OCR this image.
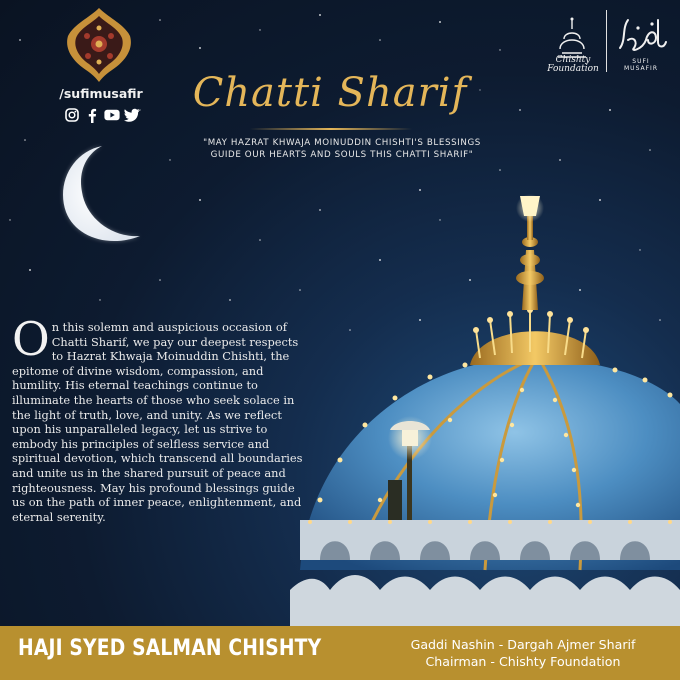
/sufimusafir
Chishty
Foundation
SUFI
MUSAFIR
Chatti Sharif
"MAY HAZRAT KHWAJA MOINUDDIN CHISHTI'S BLESSINGS
GUIDE OUR HEARTS AND SOULS THIS CHATTI SHARIF"
On this solemn and auspicious occasion of Chatti Sharif, we pay our deepest respects to Hazrat Khwaja Moinuddin Chishti, the epitome of divine wisdom, compassion, and humility. His eternal teachings continue to illuminate the hearts of those who seek solace in the light of truth, love, and unity. As we reflect upon his unparalleled legacy, let us strive to embody his principles of selfless service and spiritual devotion, which transcend all boundaries and unite us in the shared pursuit of peace and righteousness. May his profound blessings guide us on the path of inner peace, enlightenment, and eternal serenity.
HAJI SYED SALMAN CHISHTY	Gaddi Nashin - Dargah Ajmer Sharif
Chairman - Chishty Foundation
